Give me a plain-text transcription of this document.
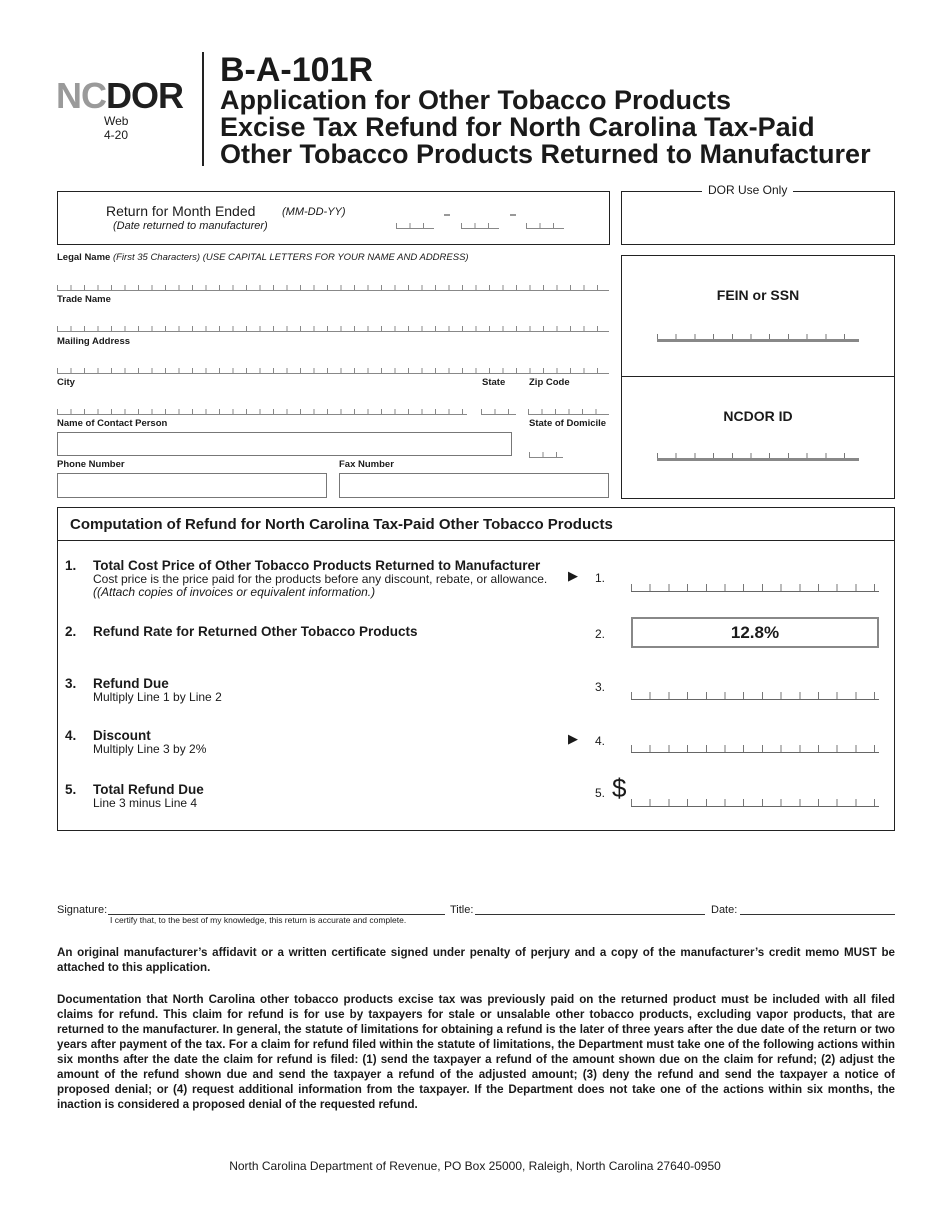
NCDOR
Web
4-20
B-A-101R
Application for Other Tobacco Products
Excise Tax Refund for North Carolina Tax-Paid
Other Tobacco Products Returned to Manufacturer
Return for Month Ended (MM-DD-YY)
(Date returned to manufacturer)
DOR Use Only
Legal Name (First 35 Characters) (USE CAPITAL LETTERS FOR YOUR NAME AND ADDRESS)
Trade Name
Mailing Address
City	State	Zip Code
Name of Contact Person	State of Domicile
Phone Number	Fax Number
FEIN or SSN
NCDOR ID
Computation of Refund for North Carolina Tax-Paid Other Tobacco Products
1. Total Cost Price of Other Tobacco Products Returned to Manufacturer
Cost price is the price paid for the products before any discount, rebate, or allowance.
((Attach copies of invoices or equivalent information.)
▶ 1.
2. Refund Rate for Returned Other Tobacco Products	2.	12.8%
3. Refund Due
Multiply Line 1 by Line 2
3.
4. Discount
Multiply Line 3 by 2%
▶ 4.
5. Total Refund Due
Line 3 minus Line 4
5. $
Signature:
I certify that, to the best of my knowledge, this return is accurate and complete.
Title:	Date:
An original manufacturer’s affidavit or a written certificate signed under penalty of perjury and a copy of the manufacturer’s credit memo MUST be attached to this application.
Documentation that North Carolina other tobacco products excise tax was previously paid on the returned product must be included with all filed claims for refund. This claim for refund is for use by taxpayers for stale or unsalable other tobacco products, excluding vapor products, that are returned to the manufacturer. In general, the statute of limitations for obtaining a refund is the later of three years after the due date of the return or two years after payment of the tax. For a claim for refund filed within the statute of limitations, the Department must take one of the following actions within six months after the date the claim for refund is filed: (1) send the taxpayer a refund of the amount shown due on the claim for refund; (2) adjust the amount of the refund shown due and send the taxpayer a refund of the adjusted amount; (3) deny the refund and send the taxpayer a notice of proposed denial; or (4) request additional information from the taxpayer. If the Department does not take one of the actions within six months, the inaction is considered a proposed denial of the requested refund.
North Carolina Department of Revenue, PO Box 25000, Raleigh, North Carolina 27640-0950
